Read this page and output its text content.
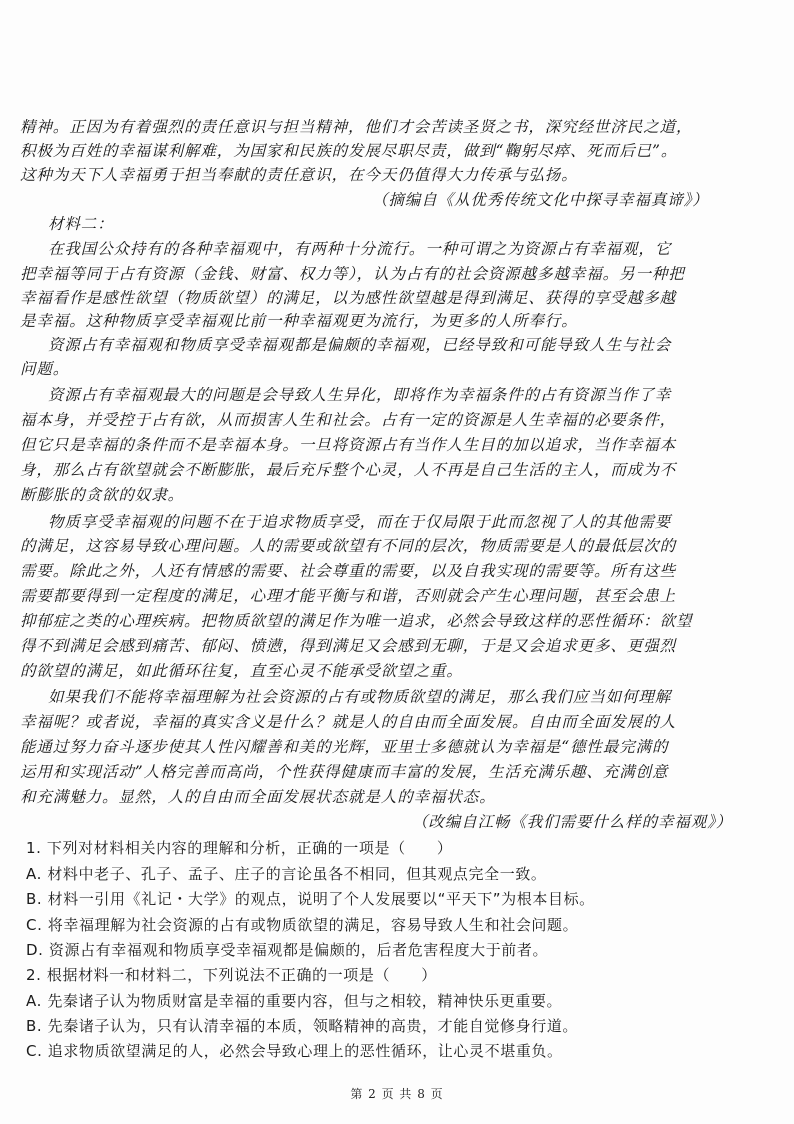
精神。正因为有着强烈的责任意识与担当精神，他们才会苦读圣贤之书，深究经世济民之道，
积极为百姓的幸福谋利解难，为国家和民族的发展尽职尽责，做到“鞠躬尽瘁、死而后已”。
这种为天下人幸福勇于担当奉献的责任意识，在今天仍值得大力传承与弘扬。
（摘编自《从优秀传统文化中探寻幸福真谛》）
材料二：
在我国公众持有的各种幸福观中，有两种十分流行。一种可谓之为资源占有幸福观，它
把幸福等同于占有资源（金钱、财富、权力等），认为占有的社会资源越多越幸福。另一种把
幸福看作是感性欲望（物质欲望）的满足，以为感性欲望越是得到满足、获得的享受越多越
是幸福。这种物质享受幸福观比前一种幸福观更为流行，为更多的人所奉行。
资源占有幸福观和物质享受幸福观都是偏颇的幸福观，已经导致和可能导致人生与社会
问题。
资源占有幸福观最大的问题是会导致人生异化，即将作为幸福条件的占有资源当作了幸
福本身，并受控于占有欲，从而损害人生和社会。占有一定的资源是人生幸福的必要条件，
但它只是幸福的条件而不是幸福本身。一旦将资源占有当作人生目的加以追求，当作幸福本
身，那么占有欲望就会不断膨胀，最后充斥整个心灵，人不再是自己生活的主人，而成为不
断膨胀的贪欲的奴隶。
物质享受幸福观的问题不在于追求物质享受，而在于仅局限于此而忽视了人的其他需要
的满足，这容易导致心理问题。人的需要或欲望有不同的层次，物质需要是人的最低层次的
需要。除此之外，人还有情感的需要、社会尊重的需要，以及自我实现的需要等。所有这些
需要都要得到一定程度的满足，心理才能平衡与和谐，否则就会产生心理问题，甚至会患上
抑郁症之类的心理疾病。把物质欲望的满足作为唯一追求，必然会导致这样的恶性循环：欲望
得不到满足会感到痛苦、郁闷、愤懑，得到满足又会感到无聊，于是又会追求更多、更强烈
的欲望的满足，如此循环往复，直至心灵不能承受欲望之重。
如果我们不能将幸福理解为社会资源的占有或物质欲望的满足，那么我们应当如何理解
幸福呢？或者说，幸福的真实含义是什么？就是人的自由而全面发展。自由而全面发展的人
能通过努力奋斗逐步使其人性闪耀善和美的光辉，亚里士多德就认为幸福是“德性最完满的
运用和实现活动”人格完善而高尚，个性获得健康而丰富的发展，生活充满乐趣、充满创意
和充满魅力。显然，人的自由而全面发展状态就是人的幸福状态。
（改编自江畅《我们需要什么样的幸福观》）
1. 下列对材料相关内容的理解和分析，正确的一项是（　　）
A. 材料中老子、孔子、孟子、庄子的言论虽各不相同，但其观点完全一致。
B. 材料一引用《礼记・大学》的观点，说明了个人发展要以“平天下”为根本目标。
C. 将幸福理解为社会资源的占有或物质欲望的满足，容易导致人生和社会问题。
D. 资源占有幸福观和物质享受幸福观都是偏颇的，后者危害程度大于前者。
2. 根据材料一和材料二，下列说法不正确的一项是（　　）
A. 先秦诸子认为物质财富是幸福的重要内容，但与之相较，精神快乐更重要。
B. 先秦诸子认为，只有认清幸福的本质，领略精神的高贵，才能自觉修身行道。
C. 追求物质欲望满足的人，必然会导致心理上的恶性循环，让心灵不堪重负。
第 2 页 共 8 页
